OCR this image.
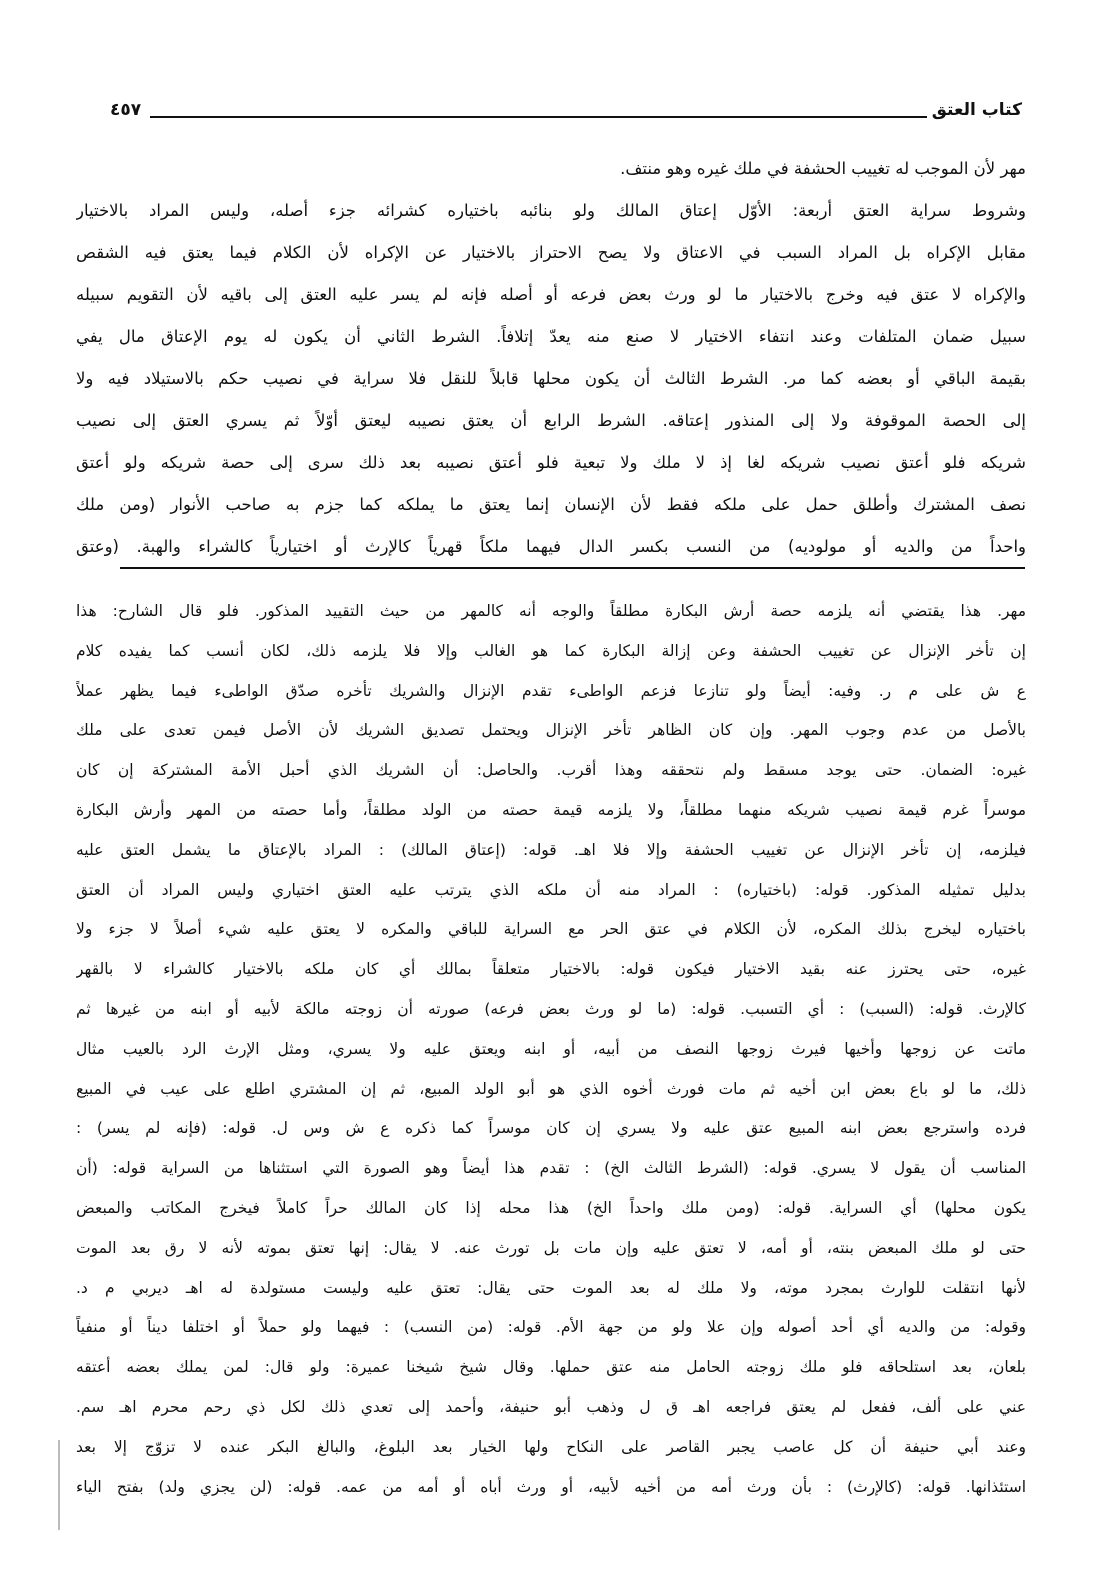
كتاب العتق
٤٥٧
مهر لأن الموجب له تغييب الحشفة في ملك غيره وهو منتف.
وشروط سراية العتق أربعة: الأوّل إعتاق المالك ولو بنائبه باختياره كشرائه جزء أصله، وليس المراد بالاختيار
مقابل الإكراه بل المراد السبب في الاعتاق ولا يصح الاحتراز بالاختيار عن الإكراه لأن الكلام فيما يعتق فيه الشقص
والإكراه لا عتق فيه وخرج بالاختيار ما لو ورث بعض فرعه أو أصله فإنه لم يسر عليه العتق إلى باقيه لأن التقويم سبيله
سبيل ضمان المتلفات وعند انتفاء الاختيار لا صنع منه يعدّ إتلافاً. الشرط الثاني أن يكون له يوم الإعتاق مال يفي
بقيمة الباقي أو بعضه كما مر. الشرط الثالث أن يكون محلها قابلاً للنقل فلا سراية في نصيب حكم بالاستيلاد فيه ولا
إلى الحصة الموقوفة ولا إلى المنذور إعتاقه. الشرط الرابع أن يعتق نصيبه ليعتق أوّلاً ثم يسري العتق إلى نصيب
شريكه فلو أعتق نصيب شريكه لغا إذ لا ملك ولا تبعية فلو أعتق نصيبه بعد ذلك سرى إلى حصة شريكه ولو أعتق
نصف المشترك وأطلق حمل على ملكه فقط لأن الإنسان إنما يعتق ما يملكه كما جزم به صاحب الأنوار (ومن ملك
واحداً من والديه أو مولوديه) من النسب بكسر الدال فيهما ملكاً قهرياً كالإرث أو اختيارياً كالشراء والهبة. (وعتق
مهر. هذا يقتضي أنه يلزمه حصة أرش البكارة مطلقاً والوجه أنه كالمهر من حيث التقييد المذكور. فلو قال الشارح: هذا
إن تأخر الإنزال عن تغييب الحشفة وعن إزالة البكارة كما هو الغالب وإلا فلا يلزمه ذلك، لكان أنسب كما يفيده كلام
ع ش على م ر. وفيه: أيضاً ولو تنازعا فزعم الواطىء تقدم الإنزال والشريك تأخره صدّق الواطىء فيما يظهر عملاً
بالأصل من عدم وجوب المهر. وإن كان الظاهر تأخر الإنزال ويحتمل تصديق الشريك لأن الأصل فيمن تعدى على ملك
غيره: الضمان. حتى يوجد مسقط ولم نتحققه وهذا أقرب. والحاصل: أن الشريك الذي أحبل الأمة المشتركة إن كان
موسراً غرم قيمة نصيب شريكه منهما مطلقاً، ولا يلزمه قيمة حصته من الولد مطلقاً، وأما حصته من المهر وأرش البكارة
فيلزمه، إن تأخر الإنزال عن تغييب الحشفة وإلا فلا اهـ. قوله: (إعتاق المالك) : المراد بالإعتاق ما يشمل العتق عليه
بدليل تمثيله المذكور. قوله: (باختياره) : المراد منه أن ملكه الذي يترتب عليه العتق اختياري وليس المراد أن العتق
باختياره ليخرج بذلك المكره، لأن الكلام في عتق الحر مع السراية للباقي والمكره لا يعتق عليه شيء أصلاً لا جزء ولا
غيره، حتى يحترز عنه بقيد الاختيار فيكون قوله: بالاختيار متعلقاً بمالك أي كان ملكه بالاختيار كالشراء لا بالقهر
كالإرث. قوله: (السبب) : أي التسبب. قوله: (ما لو ورث بعض فرعه) صورته أن زوجته مالكة لأبيه أو ابنه من غيرها ثم
ماتت عن زوجها وأخيها فيرث زوجها النصف من أبيه، أو ابنه ويعتق عليه ولا يسري، ومثل الإرث الرد بالعيب مثال
ذلك، ما لو باع بعض ابن أخيه ثم مات فورث أخوه الذي هو أبو الولد المبيع، ثم إن المشتري اطلع على عيب في المبيع
فرده واسترجع بعض ابنه المبيع عتق عليه ولا يسري إن كان موسراً كما ذكره ع ش وس ل. قوله: (فإنه لم يسر) :
المناسب أن يقول لا يسري. قوله: (الشرط الثالث الخ) : تقدم هذا أيضاً وهو الصورة التي استثناها من السراية قوله: (أن
يكون محلها) أي السراية. قوله: (ومن ملك واحداً الخ) هذا محله إذا كان المالك حراً كاملاً فيخرج المكاتب والمبعض
حتى لو ملك المبعض بنته، أو أمه، لا تعتق عليه وإن مات بل تورث عنه. لا يقال: إنها تعتق بموته لأنه لا رق بعد الموت
لأنها انتقلت للوارث بمجرد موته، ولا ملك له بعد الموت حتى يقال: تعتق عليه وليست مستولدة له اهـ ديربي م د.
وقوله: من والديه أي أحد أصوله وإن علا ولو من جهة الأم. قوله: (من النسب) : فيهما ولو حملاً أو اختلفا ديناً أو منفياً
بلعان، بعد استلحاقه فلو ملك زوجته الحامل منه عتق حملها. وقال شيخ شيخنا عميرة: ولو قال: لمن يملك بعضه أعتقه
عني على ألف، ففعل لم يعتق فراجعه اهـ ق ل وذهب أبو حنيفة، وأحمد إلى تعدي ذلك لكل ذي رحم محرم اهـ سم.
وعند أبي حنيفة أن كل عاصب يجبر القاصر على النكاح ولها الخيار بعد البلوغ، والبالغ البكر عنده لا تزوّج إلا بعد
استئذانها. قوله: (كالإرث) : بأن ورث أمه من أخيه لأبيه، أو ورث أباه أو أمه من عمه. قوله: (لن يجزي ولد) بفتح الياء
